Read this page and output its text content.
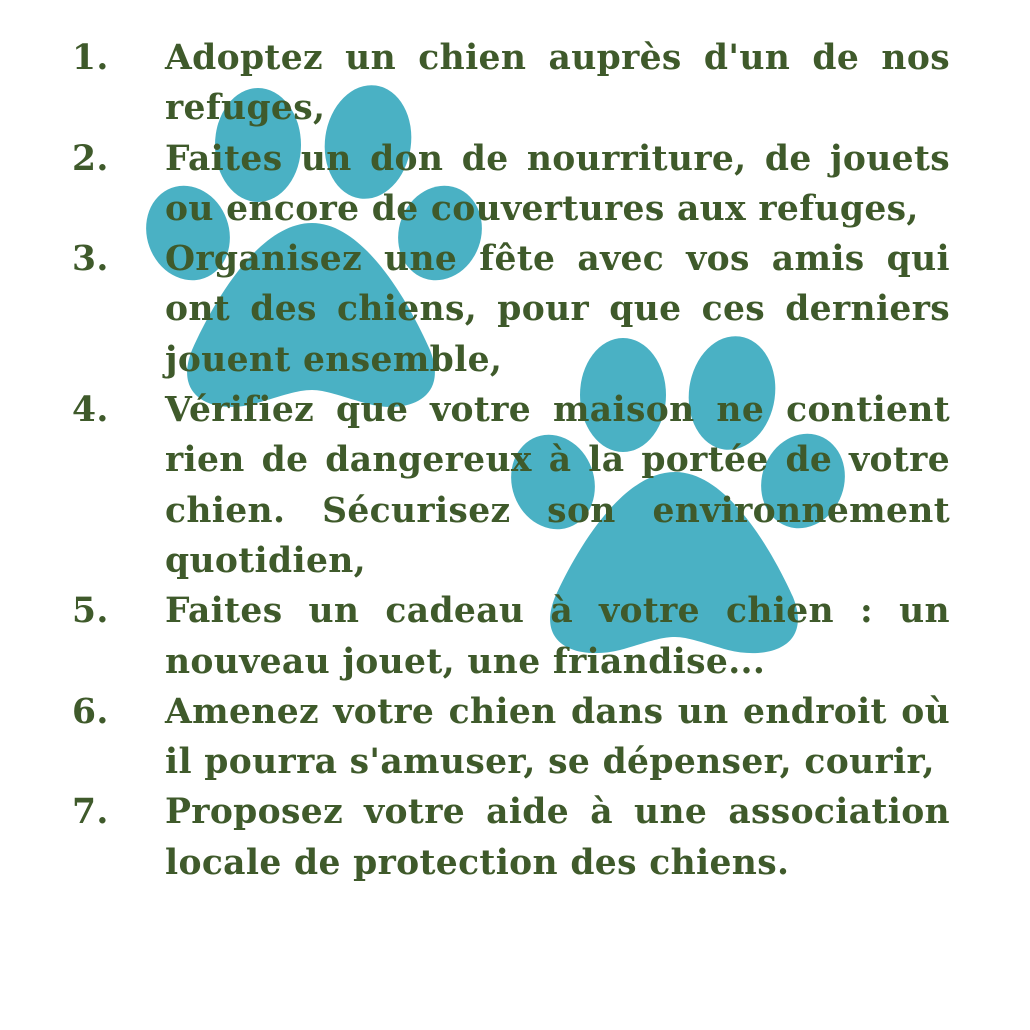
1.	Adoptez un chien auprès d'un de nos refuges,
2.	Faites un don de nourriture, de jouets ou encore de couvertures aux refuges,
3.	Organisez une fête avec vos amis qui ont des chiens, pour que ces derniers jouent ensemble,
4.	Vérifiez que votre maison ne contient rien de dangereux à la portée de votre chien. Sécurisez son environnement quotidien,
5.	Faites un cadeau à votre chien : un nouveau jouet, une friandise...
6.	Amenez votre chien dans un endroit où il pourra s'amuser, se dépenser, courir,
7.	Proposez votre aide à une association locale de protection des chiens.
